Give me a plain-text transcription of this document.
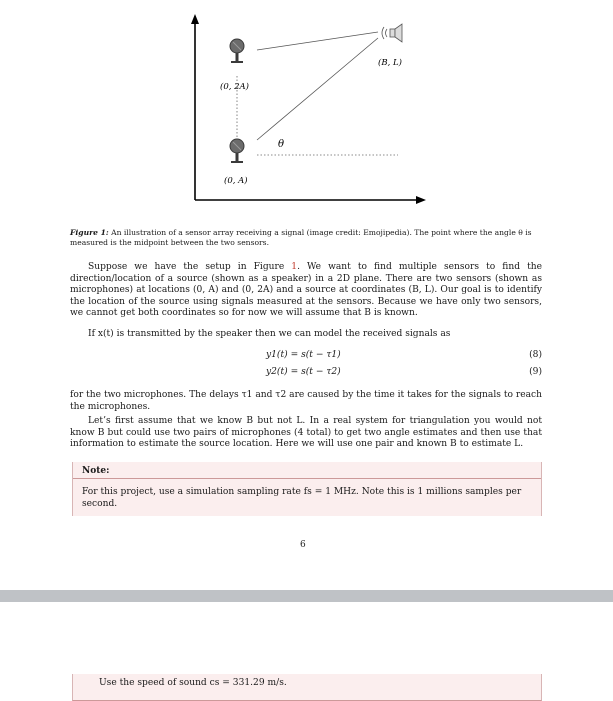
(0, 2A)
(0, A)
(B, L)
θ
Figure 1: An illustration of a sensor array receiving a signal (image credit: Emojipedia). The point where the angle θ is measured is the midpoint between the two sensors.
Suppose we have the setup in Figure 1. We want to find multiple sensors to find the direction/location of a source (shown as a speaker) in a 2D plane. There are two sensors (shown as microphones) at locations (0, A) and (0, 2A) and a source at coordinates (B, L). Our goal is to identify the location of the source using signals measured at the sensors. Because we have only two sensors, we cannot get both coordinates so for now we will assume that B is known.
If x(t) is transmitted by the speaker then we can model the received signals as
y1(t) = s(t − τ1)	(8)
y2(t) = s(t − τ2)	(9)
for the two microphones. The delays τ1 and τ2 are caused by the time it takes for the signals to reach the microphones.
Let’s first assume that we know B but not L. In a real system for triangulation you would not know B but could use two pairs of microphones (4 total) to get two angle estimates and then use that information to estimate the source location. Here we will use one pair and known B to estimate L.
Note:
For this project, use a simulation sampling rate fs = 1 MHz. Note this is 1 millions samples per second.
6
Use the speed of sound cs = 331.29 m/s.
